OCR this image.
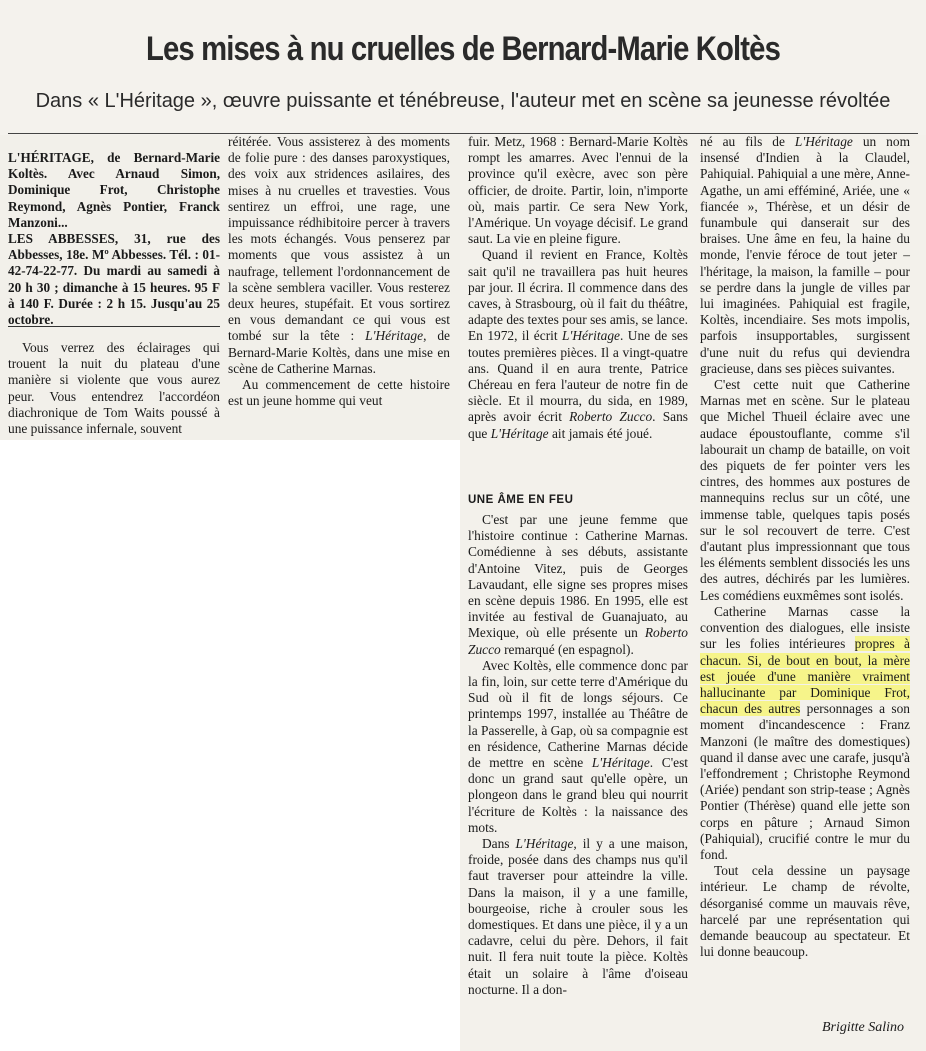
Les mises à nu cruelles de Bernard-Marie Koltès
Dans « L'Héritage », œuvre puissante et ténébreuse, l'auteur met en scène sa jeunesse révoltée
L'HÉRITAGE, de Bernard-Marie Koltès. Avec Arnaud Simon, Dominique Frot, Christophe Reymond, Agnès Pontier, Franck Manzoni...
LES ABBESSES, 31, rue des Abbesses, 18e. Mº Abbesses. Tél. : 01-42-74-22-77. Du mardi au samedi à 20 h 30 ; dimanche à 15 heures. 95 F à 140 F. Durée : 2 h 15. Jusqu'au 25 octobre.

Vous verrez des éclairages qui trouent la nuit du plateau d'une manière si violente que vous aurez peur. Vous entendrez l'accordéon diachronique de Tom Waits poussé à une puissance infernale, souvent

réitérée. Vous assisterez à des moments de folie pure : des danses paroxystiques, des voix aux stridences asilaires, des mises à nu cruelles et travesties. Vous sentirez un effroi, une rage, une impuissance rédhibitoire percer à travers les mots échangés. Vous penserez par moments que vous assistez à un naufrage, tellement l'ordonnancement de la scène semblera vaciller. Vous resterez deux heures, stupéfait. Et vous sortirez en vous demandant ce qui vous est tombé sur la tête : L'Héritage, de Bernard-Marie Koltès, dans une mise en scène de Catherine Marnas.

Au commencement de cette histoire est un jeune homme qui veut

fuir. Metz, 1968 : Bernard-Marie Koltès rompt les amarres. Avec l'ennui de la province qu'il exècre, avec son père officier, de droite. Partir, loin, n'importe où, mais partir. Ce sera New York, l'Amérique. Un voyage décisif. Le grand saut. La vie en pleine figure.

Quand il revient en France, Koltès sait qu'il ne travaillera pas huit heures par jour. Il écrira. Il commence dans des caves, à Strasbourg, où il fait du théâtre, adapte des textes pour ses amis, se lance. En 1972, il écrit L'Héritage. Une de ses toutes premières pièces. Il a vingt-quatre ans. Quand il en aura trente, Patrice Chéreau en fera l'auteur de notre fin de siècle. Et il mourra, du sida, en 1989, après avoir écrit Roberto Zucco. Sans que L'Héritage ait jamais été joué.

UNE ÂME EN FEU

C'est par une jeune femme que l'histoire continue : Catherine Marnas. Comédienne à ses débuts, assistante d'Antoine Vitez, puis de Georges Lavaudant, elle signe ses propres mises en scène depuis 1986. En 1995, elle est invitée au festival de Guanajuato, au Mexique, où elle présente un Roberto Zucco remarqué (en espagnol).

Avec Koltès, elle commence donc par la fin, loin, sur cette terre d'Amérique du Sud où il fit de longs séjours. Ce printemps 1997, installée au Théâtre de la Passerelle, à Gap, où sa compagnie est en résidence, Catherine Marnas décide de mettre en scène L'Héritage. C'est donc un grand saut qu'elle opère, un plongeon dans le grand bleu qui nourrit l'écriture de Koltès : la naissance des mots.

Dans L'Héritage, il y a une maison, froide, posée dans des champs nus qu'il faut traverser pour atteindre la ville. Dans la maison, il y a une famille, bourgeoise, riche à crouler sous les domestiques. Et dans une pièce, il y a un cadavre, celui du père. Dehors, il fait nuit. Il fera nuit toute la pièce. Koltès était un solaire à l'âme d'oiseau nocturne. Il a don-

né au fils de L'Héritage un nom insensé d'Indien à la Claudel, Pahiquial. Pahiquial a une mère, Anne-Agathe, un ami efféminé, Ariée, une « fiancée », Thérèse, et un désir de funambule qui danserait sur des braises. Une âme en feu, la haine du monde, l'envie féroce de tout jeter – l'héritage, la maison, la famille – pour se perdre dans la jungle de villes par lui imaginées. Pahiquial est fragile, Koltès, incendiaire. Ses mots impolis, parfois insupportables, surgissent d'une nuit du refus qui deviendra gracieuse, dans ses pièces suivantes.

C'est cette nuit que Catherine Marnas met en scène. Sur le plateau que Michel Thueil éclaire avec une audace époustouflante, comme s'il labourait un champ de bataille, on voit des piquets de fer pointer vers les cintres, des hommes aux postures de mannequins reclus sur un côté, une immense table, quelques tapis posés sur le sol recouvert de terre. C'est d'autant plus impressionnant que tous les éléments semblent dissociés les uns des autres, déchirés par les lumières. Les comédiens euxmêmes sont isolés.

Catherine Marnas casse la convention des dialogues, elle insiste sur les folies intérieures propres à chacun. Si, de bout en bout, la mère est jouée d'une manière vraiment hallucinante par Dominique Frot, chacun des autres personnages a son moment d'incandescence : Franz Manzoni (le maître des domestiques) quand il danse avec une carafe, jusqu'à l'effondrement ; Christophe Reymond (Ariée) pendant son strip-tease ; Agnès Pontier (Thérèse) quand elle jette son corps en pâture ; Arnaud Simon (Pahiquial), crucifié contre le mur du fond.

Tout cela dessine un paysage intérieur. Le champ de révolte, désorganisé comme un mauvais rêve, harcelé par une représentation qui demande beaucoup au spectateur. Et lui donne beaucoup.

Brigitte Salino
